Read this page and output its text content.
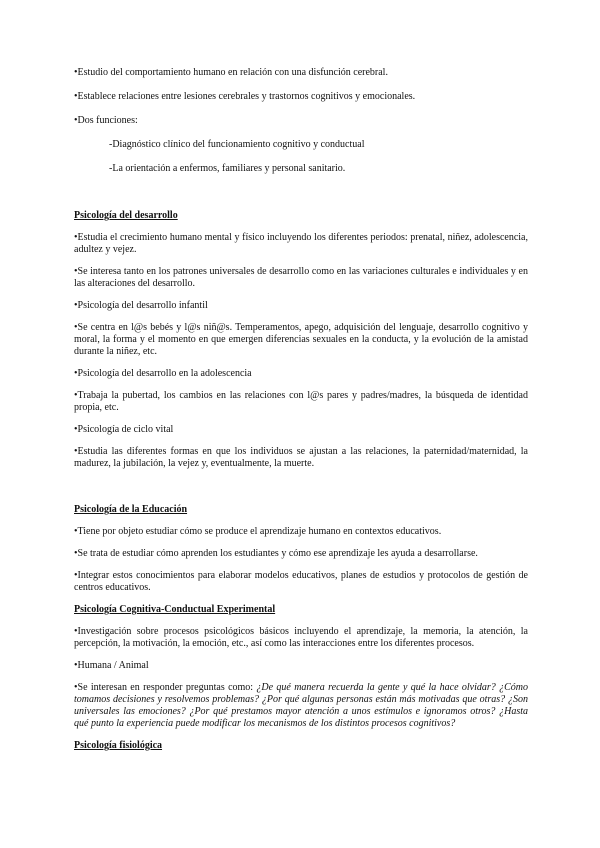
•Estudio del comportamiento humano en relación con una disfunción cerebral.

•Establece relaciones entre lesiones cerebrales y trastornos cognitivos y emocionales.

•Dos funciones:

-Diagnóstico clínico del funcionamiento cognitivo y conductual

-La orientación a enfermos, familiares y personal sanitario.

Psicología del desarrollo

•Estudia el crecimiento humano mental y físico incluyendo los diferentes periodos: prenatal, niñez, adolescencia, adultez y vejez.

•Se interesa tanto en los patrones universales de desarrollo como en las variaciones culturales e individuales y en las alteraciones del desarrollo.

•Psicología del desarrollo infantil

•Se centra en l@s bebés y l@s niñ@s. Temperamentos, apego, adquisición del lenguaje, desarrollo cognitivo y moral, la forma y el momento en que emergen diferencias sexuales en la conducta, y la evolución de la amistad durante la niñez, etc.

•Psicología del desarrollo en la adolescencia

•Trabaja la pubertad, los cambios en las relaciones con l@s pares y padres/madres, la búsqueda de identidad propia, etc.

•Psicología de ciclo vital

•Estudia las diferentes formas en que los individuos se ajustan a las relaciones, la paternidad/maternidad, la madurez, la jubilación, la vejez y, eventualmente, la muerte.

Psicología de la Educación

•Tiene por objeto estudiar cómo se produce el aprendizaje humano en contextos educativos.

•Se trata de estudiar cómo aprenden los estudiantes y cómo ese aprendizaje les ayuda a desarrollarse.

•Integrar estos conocimientos para elaborar modelos educativos, planes de estudios y protocolos de gestión de centros educativos.

Psicología Cognitiva-Conductual Experimental

•Investigación sobre procesos psicológicos básicos incluyendo el aprendizaje, la memoria, la atención, la percepción, la motivación, la emoción, etc., así como las interacciones entre los diferentes procesos.

•Humana / Animal

•Se interesan en responder preguntas como: ¿De qué manera recuerda la gente y qué la hace olvidar? ¿Cómo tomamos decisiones y resolvemos problemas? ¿Por qué algunas personas están más motivadas que otras? ¿Son universales las emociones? ¿Por qué prestamos mayor atención a unos estímulos e ignoramos otros? ¿Hasta qué punto la experiencia puede modificar los mecanismos de los distintos procesos cognitivos?

Psicología fisiológica
